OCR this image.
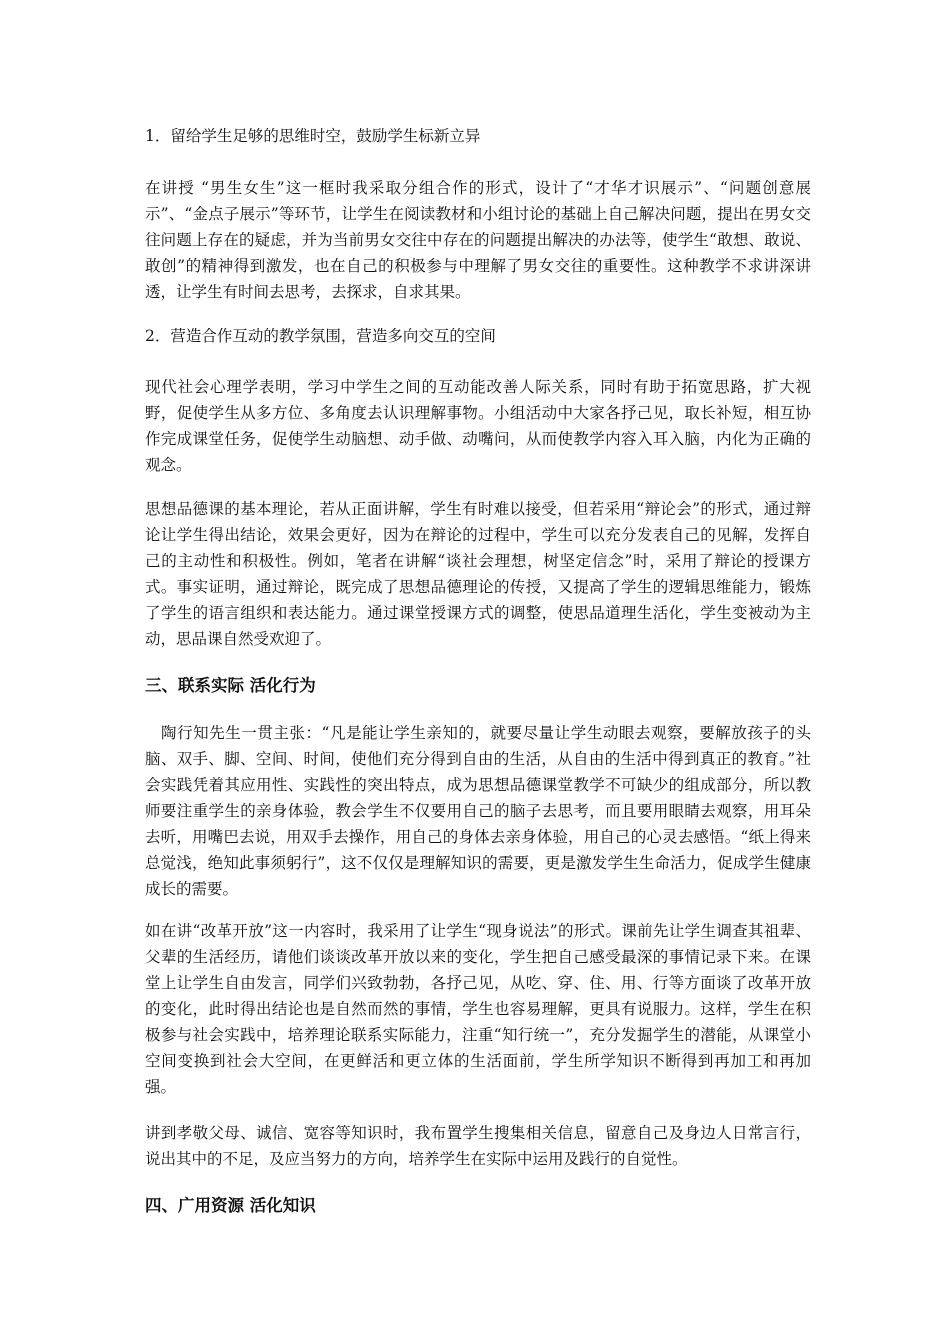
1．留给学生足够的思维时空，鼓励学生标新立异

在讲授 “男生女生”这一框时我采取分组合作的形式，设计了“才华才识展示”、“问题创意展示”、“金点子展示”等环节，让学生在阅读教材和小组讨论的基础上自己解决问题，提出在男女交往问题上存在的疑虑，并为当前男女交往中存在的问题提出解决的办法等，使学生“敢想、敢说、敢创”的精神得到激发，也在自己的积极参与中理解了男女交往的重要性。这种教学不求讲深讲透，让学生有时间去思考，去探求，自求其果。

2．营造合作互动的教学氛围，营造多向交互的空间

现代社会心理学表明，学习中学生之间的互动能改善人际关系，同时有助于拓宽思路，扩大视野，促使学生从多方位、多角度去认识理解事物。小组活动中大家各抒己见，取长补短，相互协作完成课堂任务，促使学生动脑想、动手做、动嘴问，从而使教学内容入耳入脑，内化为正确的观念。

思想品德课的基本理论，若从正面讲解，学生有时难以接受，但若采用“辩论会”的形式，通过辩论让学生得出结论，效果会更好，因为在辩论的过程中，学生可以充分发表自己的见解，发挥自己的主动性和积极性。例如，笔者在讲解“谈社会理想，树坚定信念”时，采用了辩论的授课方式。事实证明，通过辩论，既完成了思想品德理论的传授，又提高了学生的逻辑思维能力，锻炼了学生的语言组织和表达能力。通过课堂授课方式的调整，使思品道理生活化，学生变被动为主动，思品课自然受欢迎了。

三、联系实际 活化行为

　陶行知先生一贯主张：“凡是能让学生亲知的，就要尽量让学生动眼去观察，要解放孩子的头脑、双手、脚、空间、时间，使他们充分得到自由的生活，从自由的生活中得到真正的教育。”社会实践凭着其应用性、实践性的突出特点，成为思想品德课堂教学不可缺少的组成部分，所以教师要注重学生的亲身体验，教会学生不仅要用自己的脑子去思考，而且要用眼睛去观察，用耳朵去听，用嘴巴去说，用双手去操作，用自己的身体去亲身体验，用自己的心灵去感悟。“纸上得来总觉浅，绝知此事须躬行”，这不仅仅是理解知识的需要，更是激发学生生命活力，促成学生健康成长的需要。

如在讲“改革开放”这一内容时，我采用了让学生“现身说法”的形式。课前先让学生调查其祖辈、父辈的生活经历，请他们谈谈改革开放以来的变化，学生把自己感受最深的事情记录下来。在课堂上让学生自由发言，同学们兴致勃勃，各抒己见，从吃、穿、住、用、行等方面谈了改革开放的变化，此时得出结论也是自然而然的事情，学生也容易理解，更具有说服力。这样，学生在积极参与社会实践中，培养理论联系实际能力，注重“知行统一”，充分发掘学生的潜能，从课堂小空间变换到社会大空间，在更鲜活和更立体的生活面前，学生所学知识不断得到再加工和再加强。

讲到孝敬父母、诚信、宽容等知识时，我布置学生搜集相关信息，留意自己及身边人日常言行，说出其中的不足，及应当努力的方向，培养学生在实际中运用及践行的自觉性。

四、广用资源 活化知识
